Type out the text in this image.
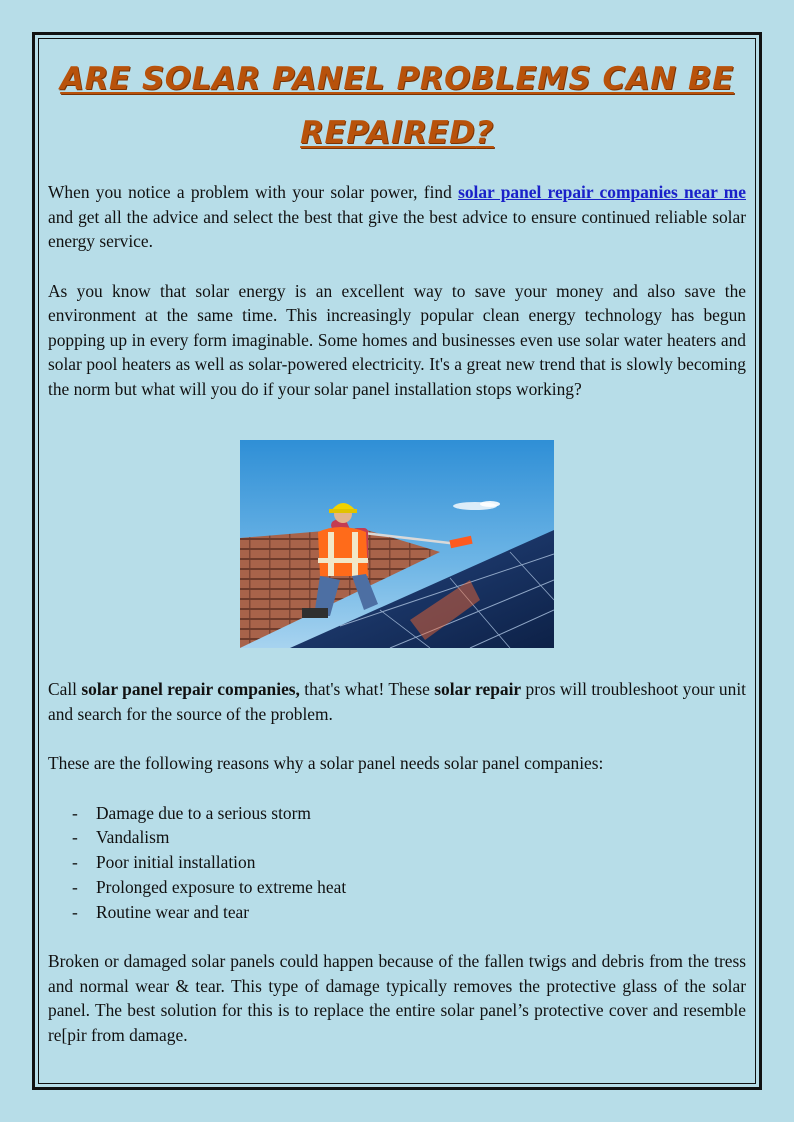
ARE SOLAR PANEL PROBLEMS CAN BE
REPAIRED?

When you notice a problem with your solar power, find solar panel repair companies near me and get all the advice and select the best that give the best advice to ensure continued reliable solar energy service.

As you know that solar energy is an excellent way to save your money and also save the environment at the same time. This increasingly popular clean energy technology has begun popping up in every form imaginable. Some homes and businesses even use solar water heaters and solar pool heaters as well as solar-powered electricity. It's a great new trend that is slowly becoming the norm but what will you do if your solar panel installation stops working?

Call solar panel repair companies, that's what! These solar repair pros will troubleshoot your unit and search for the source of the problem.

These are the following reasons why a solar panel needs solar panel companies:

-	Damage due to a serious storm
-	Vandalism
-	Poor initial installation
-	Prolonged exposure to extreme heat
-	Routine wear and tear

Broken or damaged solar panels could happen because of the fallen twigs and debris from the tress and normal wear & tear. This type of damage typically removes the protective glass of the solar panel. The best solution for this is to replace the entire solar panel’s protective cover and resemble re[pir from damage.
